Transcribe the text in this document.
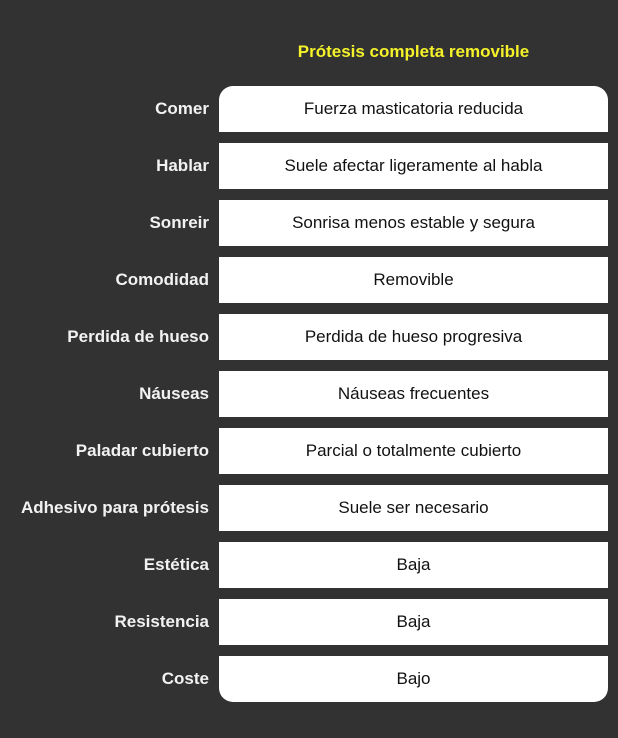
Prótesis completa removible
Comer	Fuerza masticatoria reducida
Hablar	Suele afectar ligeramente al habla
Sonreir	Sonrisa menos estable y segura
Comodidad	Removible
Perdida de hueso	Perdida de hueso progresiva
Náuseas	Náuseas frecuentes
Paladar cubierto	Parcial o totalmente cubierto
Adhesivo para prótesis	Suele ser necesario
Estética	Baja
Resistencia	Baja
Coste	Bajo
